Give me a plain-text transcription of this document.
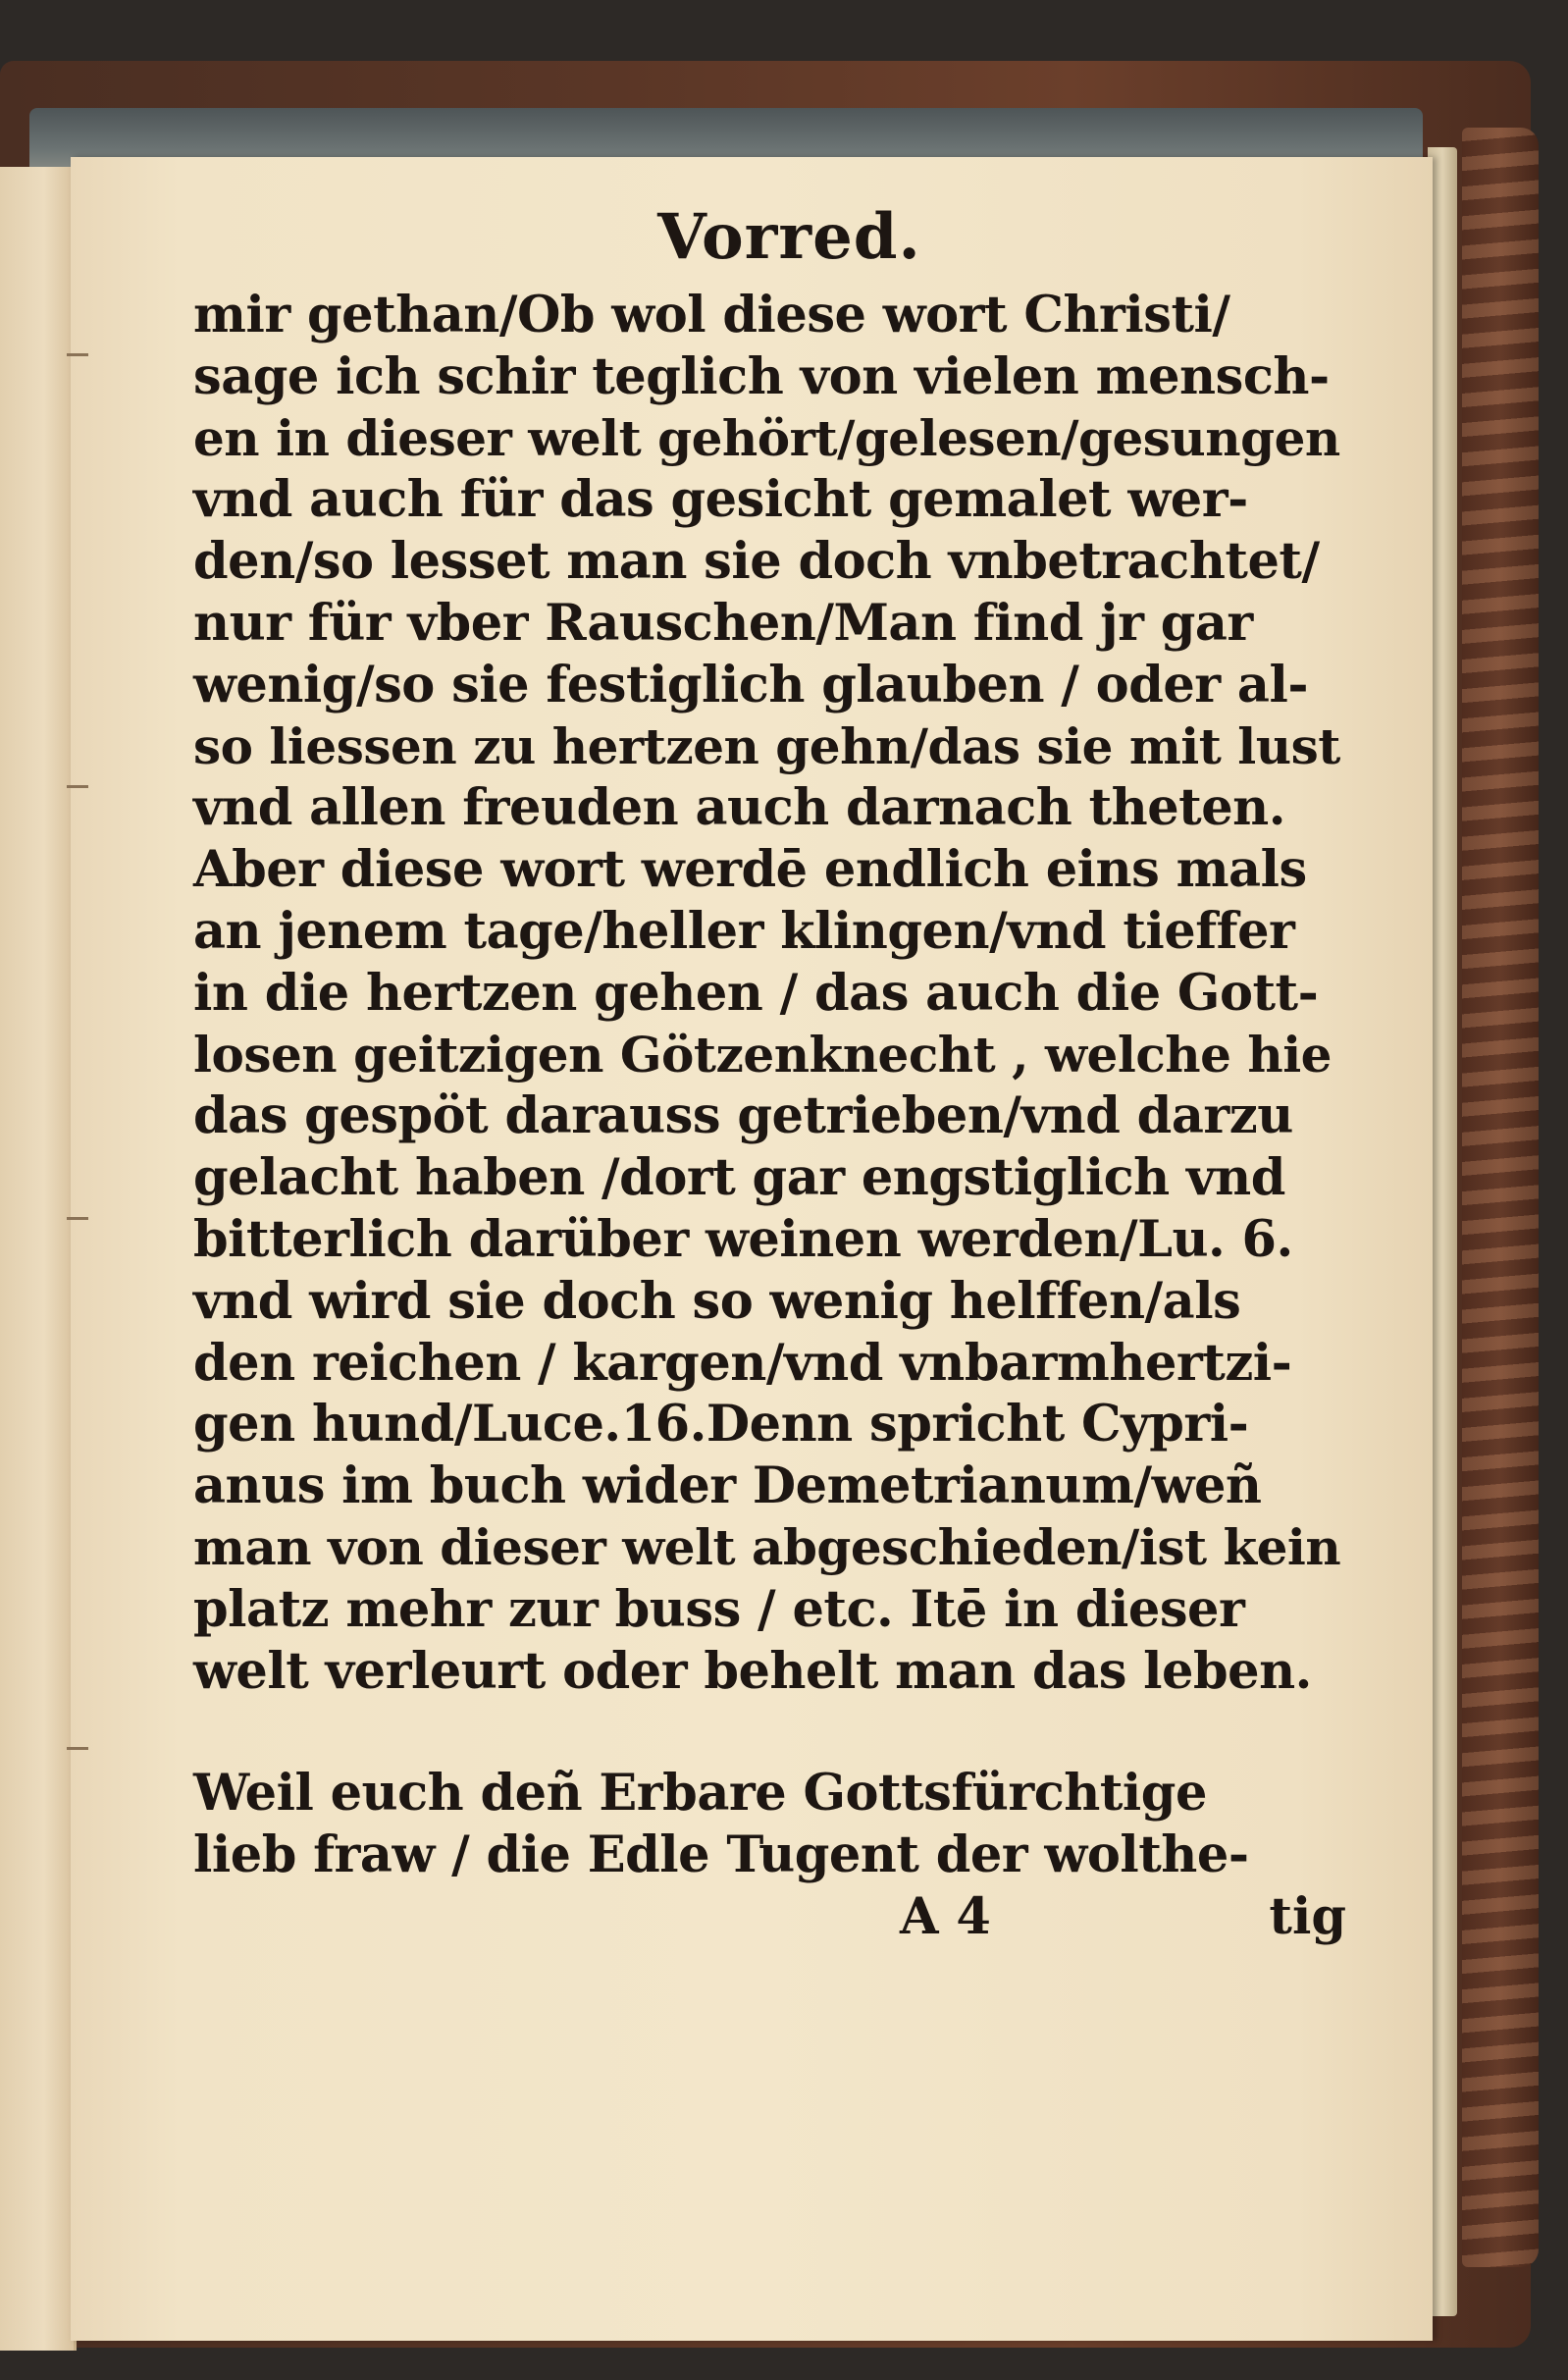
Vorred.
mir gethan/Ob wol diese wort Christi/
sage ich schir teglich von vielen mensch-
en in dieser welt gehört/gelesen/gesungen
vnd auch für das gesicht gemalet wer-
den/so lesset man sie doch vnbetrachtet/
nur für vber Rauschen/Man find jr gar
wenig/so sie festiglich glauben / oder al-
so liessen zu hertzen gehn/das sie mit lust
vnd allen freuden auch darnach theten.
Aber diese wort werdē endlich eins mals
an jenem tage/heller klingen/vnd tieffer
in die hertzen gehen / das auch die Gott-
losen geitzigen Götzenknecht , welche hie
das gespöt darauss getrieben/vnd darzu
gelacht haben /dort gar engstiglich vnd
bitterlich darüber weinen werden/Lu. 6.
vnd wird sie doch so wenig helffen/als
den reichen / kargen/vnd vnbarmhertzi-
gen hund/Luce.16.Denn spricht Cypri-
anus im buch wider Demetrianum/weñ
man von dieser welt abgeschieden/ist kein
platz mehr zur buss / etc. Itē in dieser
welt verleurt oder behelt man das leben.
Weil euch deñ Erbare Gottsfürchtige
lieb fraw / die Edle Tugent der wolthe-
A 4	tig
